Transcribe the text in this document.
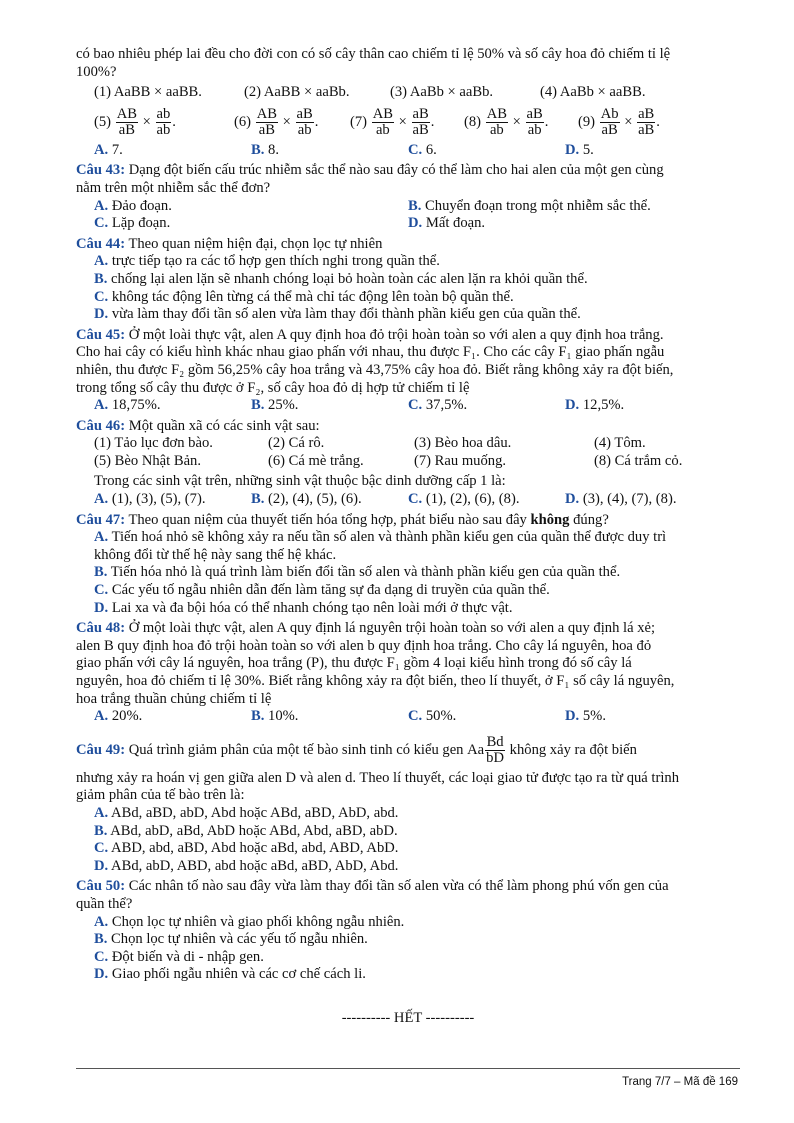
có bao nhiêu phép lai đều cho đời con có số cây thân cao chiếm tỉ lệ 50% và số cây hoa đỏ chiếm tỉ lệ

100%?

(1) AaBB × aaBB.	(2) AaBB × aaBb.	(3) AaBb × aaBb.	(4) AaBb × aaBB.
$(5) \frac{AB}{aB} \times \frac{ab}{ab}$ .	$(6) \frac{AB}{aB} \times \frac{aB}{ab}$ .	$(7) \frac{AB}{ab} \times \frac{aB}{aB}$ .	$(8) \frac{AB}{ab} \times \frac{aB}{ab}$ .	$(9) \frac{Ab}{aB} \times \frac{aB}{aB}$ .
A. 7.	B. 8.	C. 6.	D. 5.

Câu 43: Dạng đột biến cấu trúc nhiễm sắc thể nào sau đây có thể làm cho hai alen của một gen cùng

nằm trên một nhiễm sắc thể đơn?

A. Đảo đoạn.	B. Chuyển đoạn trong một nhiễm sắc thể.
C. Lặp đoạn.	D. Mất đoạn.

Câu 44: Theo quan niệm hiện đại, chọn lọc tự nhiên

A. trực tiếp tạo ra các tổ hợp gen thích nghi trong quần thể.

B. chống lại alen lặn sẽ nhanh chóng loại bỏ hoàn toàn các alen lặn ra khỏi quần thể.

C. không tác động lên từng cá thể mà chỉ tác động lên toàn bộ quần thể.

D. vừa làm thay đổi tần số alen vừa làm thay đổi thành phần kiểu gen của quần thể.

Câu 45: Ở một loài thực vật, alen A quy định hoa đỏ trội hoàn toàn so với alen a quy định hoa trắng.

Cho hai cây có kiểu hình khác nhau giao phấn với nhau, thu được F₁. Cho các cây F₁ giao phấn ngẫu

nhiên, thu được F₂ gồm 56,25% cây hoa trắng và 43,75% cây hoa đỏ. Biết rằng không xảy ra đột biến,

trong tổng số cây thu được ở F₂, số cây hoa đỏ dị hợp tử chiếm tỉ lệ

A. 18,75%.	B. 25%.	C. 37,5%.	D. 12,5%.

Câu 46: Một quần xã có các sinh vật sau:

(1) Tảo lục đơn bào.	(2) Cá rô.	(3) Bèo hoa dâu.	(4) Tôm.
(5) Bèo Nhật Bản.	(6) Cá mè trắng.	(7) Rau muống.	(8) Cá trắm cỏ.

Trong các sinh vật trên, những sinh vật thuộc bậc dinh dưỡng cấp 1 là:

A. (1), (3), (5), (7).	B. (2), (4), (5), (6).	C. (1), (2), (6), (8).	D. (3), (4), (7), (8).

Câu 47: Theo quan niệm của thuyết tiến hóa tổng hợp, phát biểu nào sau đây không đúng?

A. Tiến hoá nhỏ sẽ không xảy ra nếu tần số alen và thành phần kiểu gen của quần thể được duy trì

không đổi từ thế hệ này sang thế hệ khác.

B. Tiến hóa nhỏ là quá trình làm biến đổi tần số alen và thành phần kiểu gen của quần thể.

C. Các yếu tố ngẫu nhiên dẫn đến làm tăng sự đa dạng di truyền của quần thể.

D. Lai xa và đa bội hóa có thể nhanh chóng tạo nên loài mới ở thực vật.

Câu 48: Ở một loài thực vật, alen A quy định lá nguyên trội hoàn toàn so với alen a quy định lá xẻ;

alen B quy định hoa đỏ trội hoàn toàn so với alen b quy định hoa trắng. Cho cây lá nguyên, hoa đỏ

giao phấn với cây lá nguyên, hoa trắng (P), thu được F₁ gồm 4 loại kiểu hình trong đó số cây lá

nguyên, hoa đỏ chiếm tỉ lệ 30%. Biết rằng không xảy ra đột biến, theo lí thuyết, ở F₁ số cây lá nguyên,

hoa trắng thuần chủng chiếm tỉ lệ

A. 20%.	B. 10%.	C. 50%.	D. 5%.

Câu 49:
Quá trình giảm phân của một tế bào sinh tinh có kiểu gen
Aa $\frac{Bd}{bD}$
không xảy ra đột biến

nhưng xảy ra hoán vị gen giữa alen D và alen d. Theo lí thuyết, các loại giao tử được tạo ra từ quá trình

giảm phân của tế bào trên là:

A. ABd, aBD, abD, Abd hoặc ABd, aBD, AbD, abd.

B. ABd, abD, aBd, AbD hoặc ABd, Abd, aBD, abD.

C. ABD, abd, aBD, Abd hoặc aBd, abd, ABD, AbD.

D. ABd, abD, ABD, abd hoặc aBd, aBD, AbD, Abd.

Câu 50: Các nhân tố nào sau đây vừa làm thay đổi tần số alen vừa có thể làm phong phú vốn gen của

quần thể?

A. Chọn lọc tự nhiên và giao phối không ngẫu nhiên.

B. Chọn lọc tự nhiên và các yếu tố ngẫu nhiên.

C. Đột biến và di - nhập gen.

D. Giao phối ngẫu nhiên và các cơ chế cách li.

---------- HẾT ----------

Trang 7/7 – Mã đề 169
